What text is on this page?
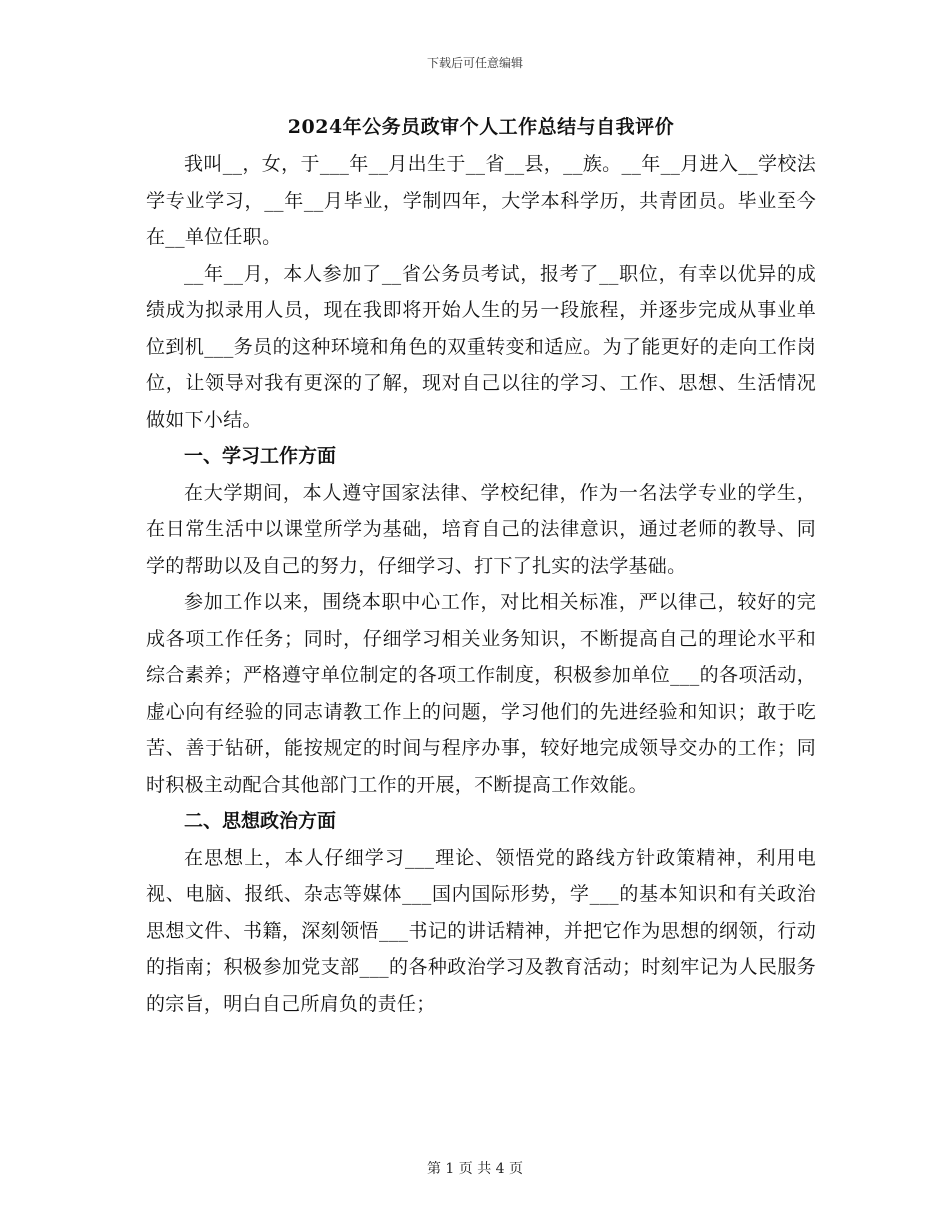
下载后可任意编辑
2024年公务员政审个人工作总结与自我评价

我叫__，女，于___年__月出生于__省__县，__族。__年__月进入__学校法学专业学习，__年__月毕业，学制四年，大学本科学历，共青团员。毕业至今在__单位任职。

__年__月，本人参加了__省公务员考试，报考了__职位，有幸以优异的成绩成为拟录用人员，现在我即将开始人生的另一段旅程，并逐步完成从事业单位到机___务员的这种环境和角色的双重转变和适应。为了能更好的走向工作岗位，让领导对我有更深的了解，现对自己以往的学习、工作、思想、生活情况做如下小结。

一、学习工作方面

在大学期间，本人遵守国家法律、学校纪律，作为一名法学专业的学生，在日常生活中以课堂所学为基础，培育自己的法律意识，通过老师的教导、同学的帮助以及自己的努力，仔细学习、打下了扎实的法学基础。

参加工作以来，围绕本职中心工作，对比相关标准，严以律己，较好的完成各项工作任务；同时，仔细学习相关业务知识，不断提高自己的理论水平和综合素养；严格遵守单位制定的各项工作制度，积极参加单位___的各项活动，虚心向有经验的同志请教工作上的问题，学习他们的先进经验和知识；敢于吃苦、善于钻研，能按规定的时间与程序办事，较好地完成领导交办的工作；同时积极主动配合其他部门工作的开展，不断提高工作效能。

二、思想政治方面

在思想上，本人仔细学习___理论、领悟党的路线方针政策精神，利用电视、电脑、报纸、杂志等媒体___国内国际形势，学___的基本知识和有关政治思想文件、书籍，深刻领悟___书记的讲话精神，并把它作为思想的纲领，行动的指南；积极参加党支部___的各种政治学习及教育活动；时刻牢记为人民服务的宗旨，明白自己所肩负的责任；

第 1 页 共 4 页
